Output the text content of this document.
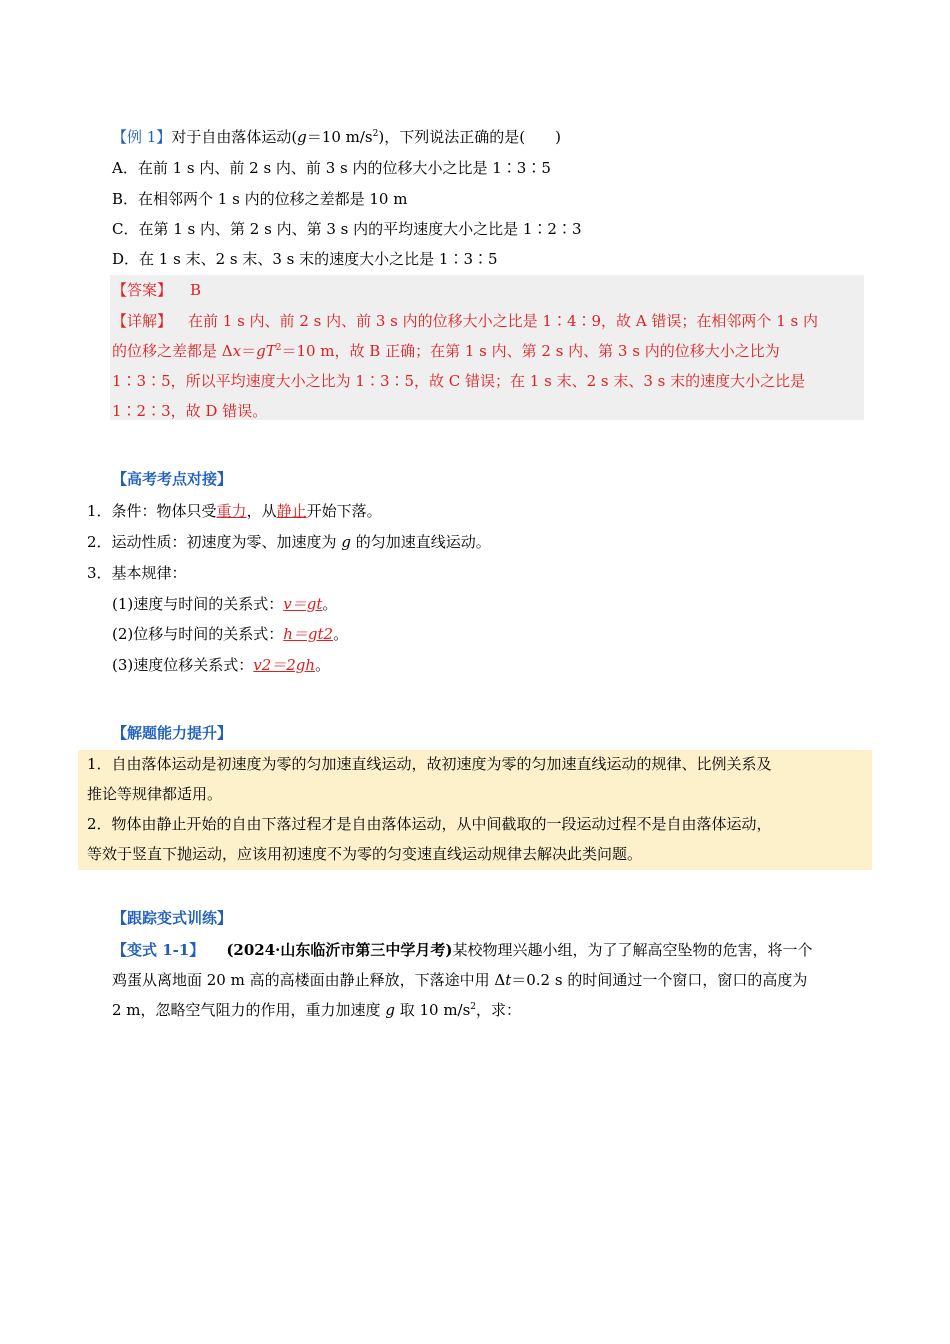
【例 1】对于自由落体运动(g＝10 $m/s^2$)，下列说法正确的是(　　)
A．在前 1 s 内、前 2 s 内、前 3 s 内的位移大小之比是 1∶3∶5
B．在相邻两个 1 s 内的位移之差都是 10 m
C．在第 1 s 内、第 2 s 内、第 3 s 内的平均速度大小之比是 1∶2∶3
D．在 1 s 末、2 s 末、3 s 末的速度大小之比是 1∶3∶5
【答案】 B
【详解】 在前 1 s 内、前 2 s 内、前 3 s 内的位移大小之比是 1∶4∶9，故 A 错误；在相邻两个 1 s 内
的位移之差都是 $\Delta x=gT^2=10$ m，故 B 正确；在第 1 s 内、第 2 s 内、第 3 s 内的位移大小之比为
1∶3∶5，所以平均速度大小之比为 1∶3∶5，故 C 错误；在 1 s 末、2 s 末、3 s 末的速度大小之比是
1∶2∶3，故 D 错误。
【高考考点对接】
1．条件：物体只受重力，从静止开始下落。
2．运动性质：初速度为零、加速度为 g 的匀加速直线运动。
3．基本规律：
(1)速度与时间的关系式：v＝gt。
(2)位移与时间的关系式：h＝gt2。
(3)速度位移关系式：v2＝2gh。
【解题能力提升】
1．自由落体运动是初速度为零的匀加速直线运动，故初速度为零的匀加速直线运动的规律、比例关系及
推论等规律都适用。
2．物体由静止开始的自由下落过程才是自由落体运动，从中间截取的一段运动过程不是自由落体运动，
等效于竖直下抛运动，应该用初速度不为零的匀变速直线运动规律去解决此类问题。
【跟踪变式训练】
【变式 1-1】 (2024·山东临沂市第三中学月考)某校物理兴趣小组，为了了解高空坠物的危害，将一个
鸡蛋从离地面 20 m 高的高楼面由静止释放，下落途中用 Δt＝0.2 s 的时间通过一个窗口，窗口的高度为
2 m，忽略空气阻力的作用，重力加速度 g 取 10 $m/s^2$，求：
